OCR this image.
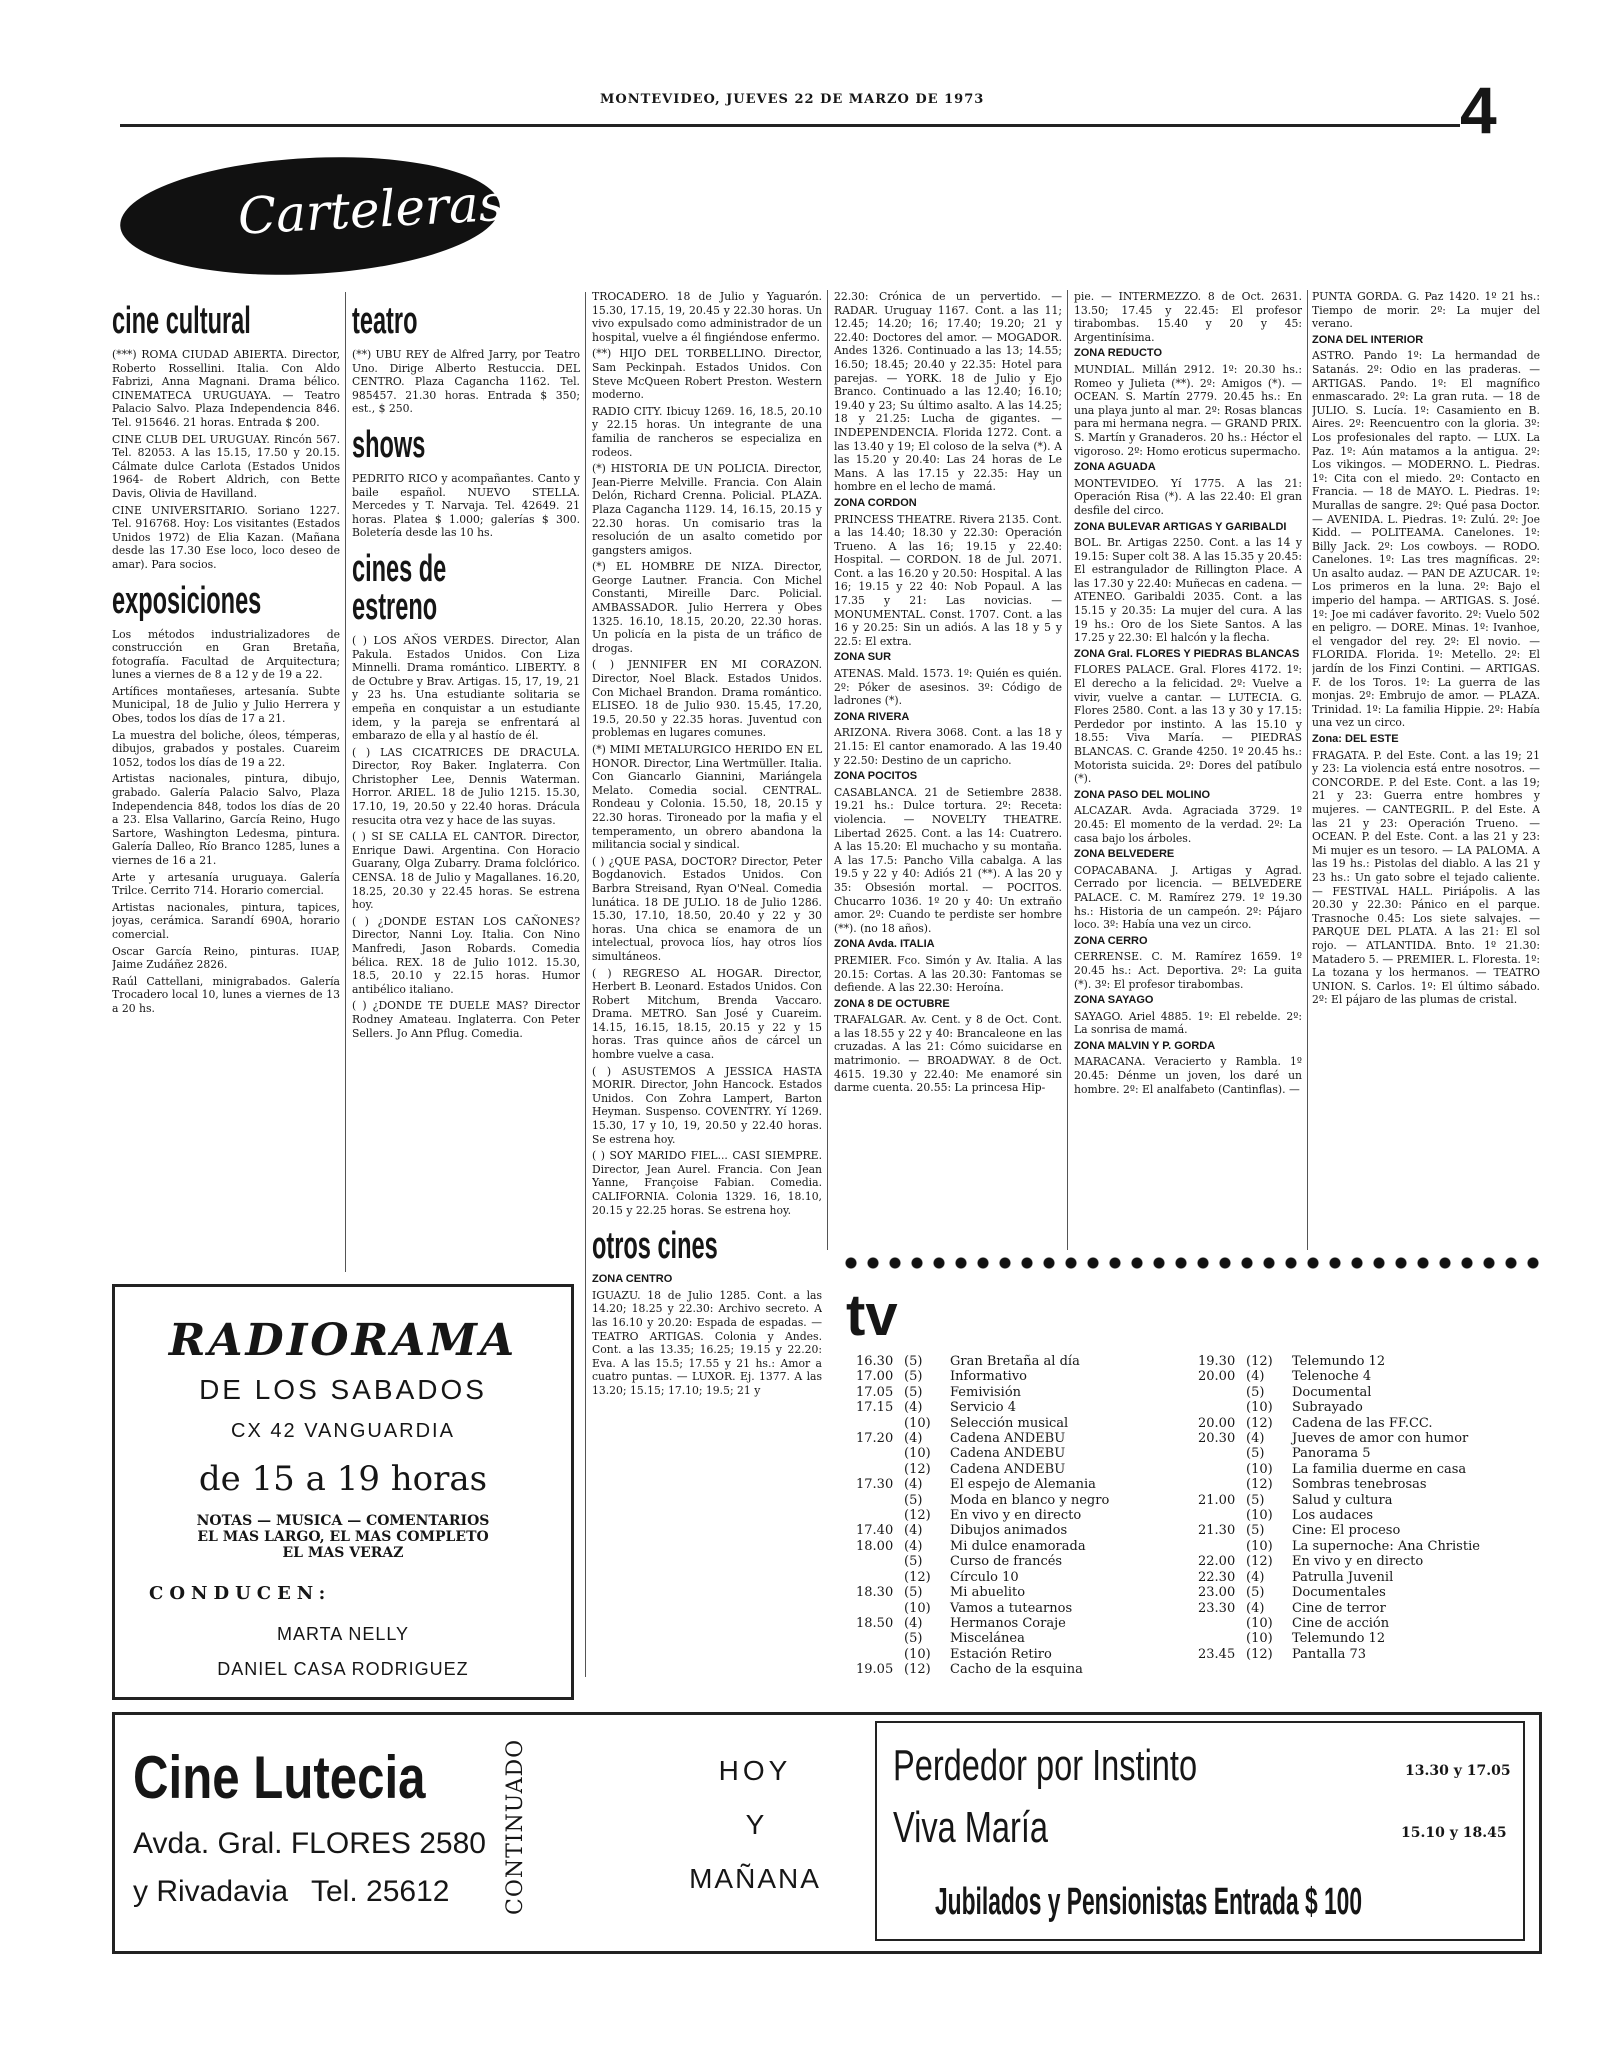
MONTEVIDEO, JUEVES 22 DE MARZO DE 1973	4
Carteleras
cine cultural

(***) ROMA CIUDAD ABIERTA. Director, Roberto Rossellini. Italia. Con Aldo Fabrizi, Anna Magnani. Drama bélico. CINEMATECA URUGUAYA. — Teatro Palacio Salvo. Plaza Independencia 846. Tel. 915646. 21 horas. Entrada $ 200.

CINE CLUB DEL URUGUAY. Rincón 567. Tel. 82053. A las 15.15, 17.50 y 20.15. Cálmate dulce Carlota (Estados Unidos 1964- de Robert Aldrich, con Bette Davis, Olivia de Havilland.

CINE UNIVERSITARIO. Soriano 1227. Tel. 916768. Hoy: Los visitantes (Estados Unidos 1972) de Elia Kazan. (Mañana desde las 17.30 Ese loco, loco deseo de amar). Para socios.

exposiciones

Los métodos industrializadores de construcción en Gran Bretaña, fotografía. Facultad de Arquitectura; lunes a viernes de 8 a 12 y de 19 a 22.

Artífices montañeses, artesanía. Subte Municipal, 18 de Julio y Julio Herrera y Obes, todos los días de 17 a 21.

La muestra del boliche, óleos, témperas, dibujos, grabados y postales. Cuareim 1052, todos los días de 19 a 22.

Artistas nacionales, pintura, dibujo, grabado. Galería Palacio Salvo, Plaza Independencia 848, todos los días de 20 a 23. Elsa Vallarino, García Reino, Hugo Sartore, Washington Ledesma, pintura. Galería Dalleo, Río Branco 1285, lunes a viernes de 16 a 21.

Arte y artesanía uruguaya. Galería Trilce. Cerrito 714. Horario comercial.

Artistas nacionales, pintura, tapices, joyas, cerámica. Sarandí 690A, horario comercial.

Oscar García Reino, pinturas. IUAP, Jaime Zudáñez 2826.

Raúl Cattellani, minigrabados. Galería Trocadero local 10, lunes a viernes de 13 a 20 hs.

teatro

(**) UBU REY de Alfred Jarry, por Teatro Uno. Dirige Alberto Restuccia. DEL CENTRO. Plaza Cagancha 1162. Tel. 985457. 21.30 horas. Entrada $ 350; est., $ 250.

shows

PEDRITO RICO y acompañantes. Canto y baile español. NUEVO STELLA. Mercedes y T. Narvaja. Tel. 42649. 21 horas. Platea $ 1.000; galerías $ 300. Boletería desde las 10 hs.

cines de estreno

( ) LOS AÑOS VERDES. Director, Alan Pakula. Estados Unidos. Con Liza Minnelli. Drama romántico. LIBERTY. 8 de Octubre y Brav. Artigas. 15, 17, 19, 21 y 23 hs. Una estudiante solitaria se empeña en conquistar a un estudiante idem, y la pareja se enfrentará al embarazo de ella y al hastío de él.

( ) LAS CICATRICES DE DRACULA. Director, Roy Baker. Inglaterra. Con Christopher Lee, Dennis Waterman. Horror. ARIEL. 18 de Julio 1215. 15.30, 17.10, 19, 20.50 y 22.40 horas. Drácula resucita otra vez y hace de las suyas.

( ) SI SE CALLA EL CANTOR. Director, Enrique Dawi. Argentina. Con Horacio Guarany, Olga Zubarry. Drama folclórico. CENSA. 18 de Julio y Magallanes. 16.20, 18.25, 20.30 y 22.45 horas. Se estrena hoy.

( ) ¿DONDE ESTAN LOS CAÑONES? Director, Nanni Loy. Italia. Con Nino Manfredi, Jason Robards. Comedia bélica. REX. 18 de Julio 1012. 15.30, 18.5, 20.10 y 22.15 horas. Humor antibélico italiano.

( ) ¿DONDE TE DUELE MAS? Director Rodney Amateau. Inglaterra. Con Peter Sellers. Jo Ann Pflug. Comedia.

TROCADERO. 18 de Julio y Yaguarón. 15.30, 17.15, 19, 20.45 y 22.30 horas. Un vivo expulsado como administrador de un hospital, vuelve a él fingiéndose enfermo.

(**) HIJO DEL TORBELLINO. Director, Sam Peckinpah. Estados Unidos. Con Steve McQueen Robert Preston. Western moderno.

RADIO CITY. Ibicuy 1269. 16, 18.5, 20.10 y 22.15 horas. Un integrante de una familia de rancheros se especializa en rodeos.

(*) HISTORIA DE UN POLICIA. Director, Jean-Pierre Melville. Francia. Con Alain Delón, Richard Crenna. Policial. PLAZA. Plaza Cagancha 1129. 14, 16.15, 20.15 y 22.30 horas. Un comisario tras la resolución de un asalto cometido por gangsters amigos.

(*) EL HOMBRE DE NIZA. Director, George Lautner. Francia. Con Michel Constanti, Mireille Darc. Policial. AMBASSADOR. Julio Herrera y Obes 1325. 16.10, 18.15, 20.20, 22.30 horas. Un policía en la pista de un tráfico de drogas.

( ) JENNIFER EN MI CORAZON. Director, Noel Black. Estados Unidos. Con Michael Brandon. Drama romántico. ELISEO. 18 de Julio 930. 15.45, 17.20, 19.5, 20.50 y 22.35 horas. Juventud con problemas en lugares comunes.

(*) MIMI METALURGICO HERIDO EN EL HONOR. Director, Lina Wertmüller. Italia. Con Giancarlo Giannini, Mariángela Melato. Comedia social. CENTRAL. Rondeau y Colonia. 15.50, 18, 20.15 y 22.30 horas. Tironeado por la mafia y el temperamento, un obrero abandona la militancia social y sindical.

( ) ¿QUE PASA, DOCTOR? Director, Peter Bogdanovich. Estados Unidos. Con Barbra Streisand, Ryan O'Neal. Comedia lunática. 18 DE JULIO. 18 de Julio 1286. 15.30, 17.10, 18.50, 20.40 y 22 y 30 horas. Una chica se enamora de un intelectual, provoca líos, hay otros líos simultáneos.

( ) REGRESO AL HOGAR. Director, Herbert B. Leonard. Estados Unidos. Con Robert Mitchum, Brenda Vaccaro. Drama. METRO. San José y Cuareim. 14.15, 16.15, 18.15, 20.15 y 22 y 15 horas. Tras quince años de cárcel un hombre vuelve a casa.

( ) ASUSTEMOS A JESSICA HASTA MORIR. Director, John Hancock. Estados Unidos. Con Zohra Lampert, Barton Heyman. Suspenso. COVENTRY. Yí 1269. 15.30, 17 y 10, 19, 20.50 y 22.40 horas. Se estrena hoy.

( ) SOY MARIDO FIEL... CASI SIEMPRE. Director, Jean Aurel. Francia. Con Jean Yanne, Françoise Fabian. Comedia. CALIFORNIA. Colonia 1329. 16, 18.10, 20.15 y 22.25 horas. Se estrena hoy.

otros cines
ZONA CENTRO

IGUAZU. 18 de Julio 1285. Cont. a las 14.20; 18.25 y 22.30: Archivo secreto. A las 16.10 y 20.20: Espada de espadas. — TEATRO ARTIGAS. Colonia y Andes. Cont. a las 13.35; 16.25; 19.15 y 22.20: Eva. A las 15.5; 17.55 y 21 hs.: Amor a cuatro puntas. — LUXOR. Ej. 1377. A las 13.20; 15.15; 17.10; 19.5; 21 y

22.30: Crónica de un pervertido. — RADAR. Uruguay 1167. Cont. a las 11; 12.45; 14.20; 16; 17.40; 19.20; 21 y 22.40: Doctores del amor. — MOGADOR. Andes 1326. Continuado a las 13; 14.55; 16.50; 18.45; 20.40 y 22.35: Hotel para parejas. — YORK. 18 de Julio y Ejo Branco. Continuado a las 12.40; 16.10; 19.40 y 23; Su último asalto. A las 14.25; 18 y 21.25: Lucha de gigantes. — INDEPENDENCIA. Florida 1272. Cont. a las 13.40 y 19; El coloso de la selva (*). A las 15.20 y 20.40: Las 24 horas de Le Mans. A las 17.15 y 22.35: Hay un hombre en el lecho de mamá.

ZONA CORDON

PRINCESS THEATRE. Rivera 2135. Cont. a las 14.40; 18.30 y 22.30: Operación Trueno. A las 16; 19.15 y 22.40: Hospital. — CORDON. 18 de Jul. 2071. Cont. a las 16.20 y 20.50: Hospital. A las 16; 19.15 y 22 40: Nob Popaul. A las 17.35 y 21: Las novicias. — MONUMENTAL. Const. 1707. Cont. a las 16 y 20.25: Sin un adiós. A las 18 y 5 y 22.5: El extra.

ZONA SUR

ATENAS. Mald. 1573. 1º: Quién es quién. 2º: Póker de asesinos. 3º: Código de ladrones (*).

ZONA RIVERA

ARIZONA. Rivera 3068. Cont. a las 18 y 21.15: El cantor enamorado. A las 19.40 y 22.50: Destino de un capricho.

ZONA POCITOS

CASABLANCA. 21 de Setiembre 2838. 19.21 hs.: Dulce tortura. 2º: Receta: violencia. — NOVELTY THEATRE. Libertad 2625. Cont. a las 14: Cuatrero. A las 15.20: El muchacho y su montaña. A las 17.5: Pancho Villa cabalga. A las 19.5 y 22 y 40: Adiós 21 (**). A las 20 y 35: Obsesión mortal. — POCITOS. Chucarro 1036. 1º 20 y 40: Un extraño amor. 2º: Cuando te perdiste ser hombre (**). (no 18 años).

ZONA Avda. ITALIA

PREMIER. Fco. Simón y Av. Italia. A las 20.15: Cortas. A las 20.30: Fantomas se defiende. A las 22.30: Heroína.

ZONA 8 DE OCTUBRE

TRAFALGAR. Av. Cent. y 8 de Oct. Cont. a las 18.55 y 22 y 40: Brancaleone en las cruzadas. A las 21: Cómo suicidarse en matrimonio. — BROADWAY. 8 de Oct. 4615. 19.30 y 22.40: Me enamoré sin darme cuenta. 20.55: La princesa Hip-

pie. — INTERMEZZO. 8 de Oct. 2631. 13.50; 17.45 y 22.45: El profesor tirabombas. 15.40 y 20 y 45: Argentinísima.

ZONA REDUCTO

MUNDIAL. Millán 2912. 1º: 20.30 hs.: Romeo y Julieta (**). 2º: Amigos (*). — OCEAN. S. Martín 2779. 20.45 hs.: En una playa junto al mar. 2º: Rosas blancas para mi hermana negra. — GRAND PRIX. S. Martín y Granaderos. 20 hs.: Héctor el vigoroso. 2º: Homo eroticus supermacho.

ZONA AGUADA

MONTEVIDEO. Yí 1775. A las 21: Operación Risa (*). A las 22.40: El gran desfile del circo.

ZONA BULEVAR ARTIGAS Y GARIBALDI

BOL. Br. Artigas 2250. Cont. a las 14 y 19.15: Super colt 38. A las 15.35 y 20.45: El estrangulador de Rillington Place. A las 17.30 y 22.40: Muñecas en cadena. — ATENEO. Garibaldi 2035. Cont. a las 15.15 y 20.35: La mujer del cura. A las 19 hs.: Oro de los Siete Santos. A las 17.25 y 22.30: El halcón y la flecha.

ZONA Gral. FLORES Y PIEDRAS BLANCAS

FLORES PALACE. Gral. Flores 4172. 1º: El derecho a la felicidad. 2º: Vuelve a vivir, vuelve a cantar. — LUTECIA. G. Flores 2580. Cont. a las 13 y 30 y 17.15: Perdedor por instinto. A las 15.10 y 18.55: Viva María. — PIEDRAS BLANCAS. C. Grande 4250. 1º 20.45 hs.: Motorista suicida. 2º: Dores del patíbulo (*).

ZONA PASO DEL MOLINO

ALCAZAR. Avda. Agraciada 3729. 1º 20.45: El momento de la verdad. 2º: La casa bajo los árboles.

ZONA BELVEDERE

COPACABANA. J. Artigas y Agrad. Cerrado por licencia. — BELVEDERE PALACE. C. M. Ramírez 279. 1º 19.30 hs.: Historia de un campeón. 2º: Pájaro loco. 3º: Había una vez un circo.

ZONA CERRO

CERRENSE. C. M. Ramírez 1659. 1º 20.45 hs.: Act. Deportiva. 2º: La guita (*). 3º: El profesor tirabombas.

ZONA SAYAGO

SAYAGO. Ariel 4885. 1º: El rebelde. 2º: La sonrisa de mamá.

ZONA MALVIN Y P. GORDA

MARACANA. Veracierto y Rambla. 1º 20.45: Dénme un joven, los daré un hombre. 2º: El analfabeto (Cantinflas). —

PUNTA GORDA. G. Paz 1420. 1º 21 hs.: Tiempo de morir. 2º: La mujer del verano.

ZONA DEL INTERIOR

ASTRO. Pando 1º: La hermandad de Satanás. 2º: Odio en las praderas. — ARTIGAS. Pando. 1º: El magnífico enmascarado. 2º: La gran ruta. — 18 de JULIO. S. Lucía. 1º: Casamiento en B. Aires. 2º: Reencuentro con la gloria. 3º: Los profesionales del rapto. — LUX. La Paz. 1º: Aún matamos a la antigua. 2º: Los vikingos. — MODERNO. L. Piedras. 1º: Cita con el miedo. 2º: Contacto en Francia. — 18 de MAYO. L. Piedras. 1º: Murallas de sangre. 2º: Qué pasa Doctor. — AVENIDA. L. Piedras. 1º: Zulú. 2º: Joe Kidd. — POLITEAMA. Canelones. 1º: Billy Jack. 2º: Los cowboys. — RODO. Canelones. 1º: Las tres magníficas. 2º: Un asalto audaz. — PAN DE AZUCAR. 1º: Los primeros en la luna. 2º: Bajo el imperio del hampa. — ARTIGAS. S. José. 1º: Joe mi cadáver favorito. 2º: Vuelo 502 en peligro. — DORE. Minas. 1º: Ivanhoe, el vengador del rey. 2º: El novio. — FLORIDA. Florida. 1º: Metello. 2º: El jardín de los Finzi Contini. — ARTIGAS. F. de los Toros. 1º: La guerra de las monjas. 2º: Embrujo de amor. — PLAZA. Trinidad. 1º: La familia Hippie. 2º: Había una vez un circo.

Zona: DEL ESTE

FRAGATA. P. del Este. Cont. a las 19; 21 y 23: La violencia está entre nosotros. — CONCORDE. P. del Este. Cont. a las 19; 21 y 23: Guerra entre hombres y mujeres. — CANTEGRIL. P. del Este. A las 21 y 23: Operación Trueno. — OCEAN. P. del Este. Cont. a las 21 y 23: Mi mujer es un tesoro. — LA PALOMA. A las 19 hs.: Pistolas del diablo. A las 21 y 23 hs.: Un gato sobre el tejado caliente. — FESTIVAL HALL. Piriápolis. A las 20.30 y 22.30: Pánico en el parque. Trasnoche 0.45: Los siete salvajes. — PARQUE DEL PLATA. A las 21: El sol rojo. — ATLANTIDA. Bnto. 1º 21.30: Matadero 5. — PREMIER. L. Floresta. 1º: La tozana y los hermanos. — TEATRO UNION. S. Carlos. 1º: El último sábado. 2º: El pájaro de las plumas de cristal.

RADIORAMA
DE LOS SABADOS
CX 42 VANGUARDIA
de 15 a 19 horas
NOTAS — MUSICA — COMENTARIOS
EL MAS LARGO, EL MAS COMPLETO
EL MAS VERAZ
CONDUCEN:
MARTA NELLY
DANIEL CASA RODRIGUEZ
tv
16.30 (5)	Gran Bretaña al día
17.00 (5)	Informativo
17.05 (5)	Femivisión
17.15 (4)	Servicio 4
(10)	Selección musical
17.20 (4)	Cadena ANDEBU
(10)	Cadena ANDEBU
(12)	Cadena ANDEBU
17.30 (4)	El espejo de Alemania
(5)	Moda en blanco y negro
(12)	En vivo y en directo
17.40 (4)	Dibujos animados
18.00 (4)	Mi dulce enamorada
(5)	Curso de francés
(12)	Círculo 10
18.30 (5)	Mi abuelito
(10)	Vamos a tutearnos
18.50 (4)	Hermanos Coraje
(5)	Miscelánea
(10)	Estación Retiro
19.05 (12)	Cacho de la esquina
19.30 (12)	Telemundo 12
20.00 (4)	Telenoche 4
(5)	Documental
(10)	Subrayado
20.00 (12)	Cadena de las FF.CC.
20.30 (4)	Jueves de amor con humor
(5)	Panorama 5
(10)	La familia duerme en casa
(12)	Sombras tenebrosas
21.00 (5)	Salud y cultura
(10)	Los audaces
21.30 (5)	Cine: El proceso
(10)	La supernoche: Ana Christie
22.00 (12)	En vivo y en directo
22.30 (4)	Patrulla Juvenil
23.00 (5)	Documentales
23.30 (4)	Cine de terror
(10)	Cine de acción
(10)	Telemundo 12
23.45 (12)	Pantalla 73
Cine Lutecia
Avda. Gral. FLORES 2580
y Rivadavia Tel. 25612 CONTINUADO	HOY
Y
MAÑANA
Perdedor por Instinto	13.30 y 17.05
Viva María	15.10 y 18.45
Jubilados y Pensionistas Entrada $ 100
